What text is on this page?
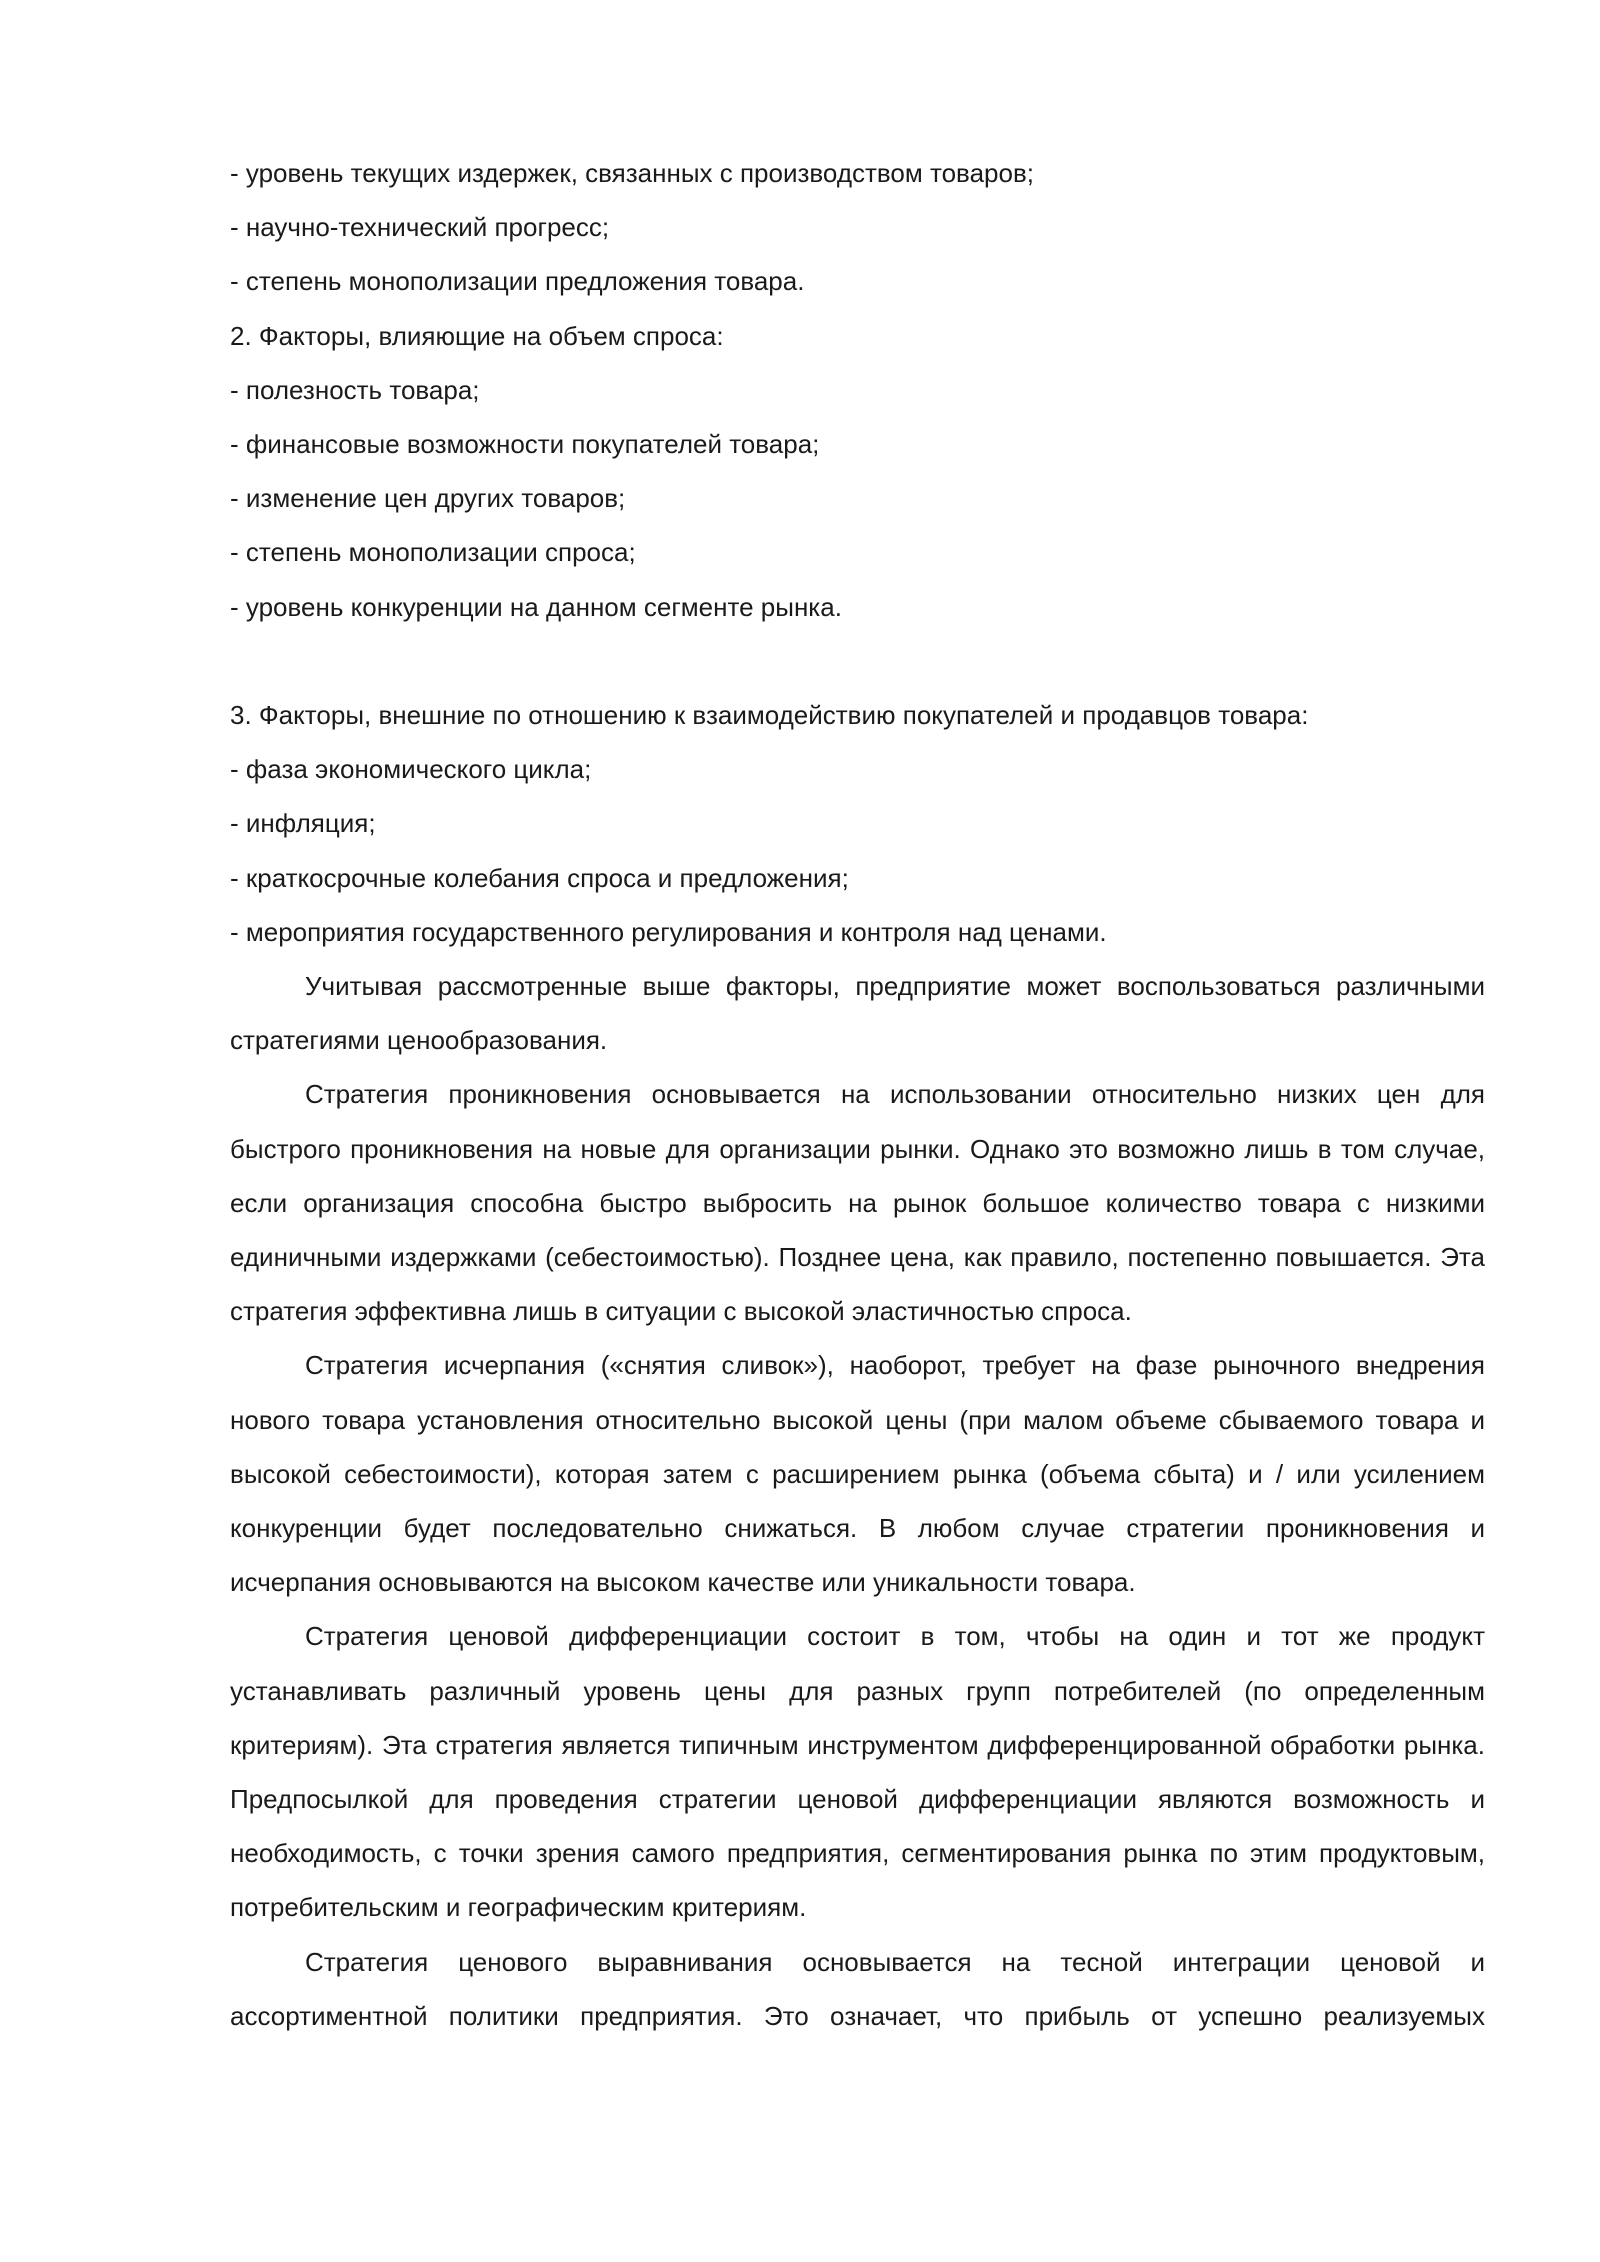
- уровень текущих издержек, связанных с производством товаров;

- научно-технический прогресс;

- степень монополизации предложения товара.

2. Факторы, влияющие на объем спроса:

- полезность товара;

- финансовые возможности покупателей товара;

- изменение цен других товаров;

- степень монополизации спроса;

- уровень конкуренции на данном сегменте рынка.

3. Факторы, внешние по отношению к взаимодействию покупателей и продавцов товара:

- фаза экономического цикла;

- инфляция;

- краткосрочные колебания спроса и предложения;

- мероприятия государственного регулирования и контроля над ценами.

Учитывая рассмотренные выше факторы, предприятие может воспользоваться различными стратегиями ценообразования.

Стратегия проникновения основывается на использовании относительно низких цен для быстрого проникновения на новые для организации рынки. Однако это возможно лишь в том случае, если организация способна быстро выбросить на рынок большое количество товара с низкими единичными издержками (себестоимостью). Позднее цена, как правило, постепенно повышается. Эта стратегия эффективна лишь в ситуации с высокой эластичностью спроса.

Стратегия исчерпания («снятия сливок»), наоборот, требует на фазе рыночного внедрения нового товара установления относительно высокой цены (при малом объеме сбываемого товара и высокой себестоимости), которая затем с расширением рынка (объема сбыта) и / или усилением конкуренции будет последовательно снижаться. В любом случае стратегии проникновения и исчерпания основываются на высоком качестве или уникальности товара.

Стратегия ценовой дифференциации состоит в том, чтобы на один и тот же продукт устанавливать различный уровень цены для разных групп потребителей (по определенным критериям). Эта стратегия является типичным инструментом дифференцированной обработки рынка. Предпосылкой для проведения стратегии ценовой дифференциации являются возможность и необходимость, с точки зрения самого предприятия, сегментирования рынка по этим продуктовым, потребительским и географическим критериям.

Стратегия ценового выравнивания основывается на тесной интеграции ценовой и ассортиментной политики предприятия. Это означает, что прибыль от успешно реализуемых
